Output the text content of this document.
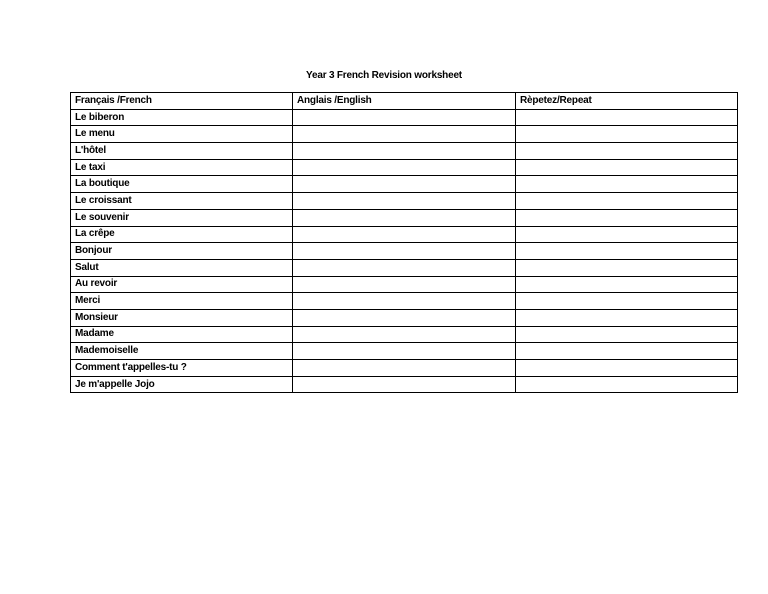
Year 3 French Revision worksheet
Français /French	Anglais /English	Rèpetez/Repeat
Le biberon		
Le menu		
L'hôtel		
Le taxi		
La boutique		
Le croissant		
Le souvenir		
La crêpe		
Bonjour		
Salut		
Au revoir		
Merci		
Monsieur		
Madame		
Mademoiselle		
Comment t'appelles-tu ?		
Je m'appelle Jojo		
